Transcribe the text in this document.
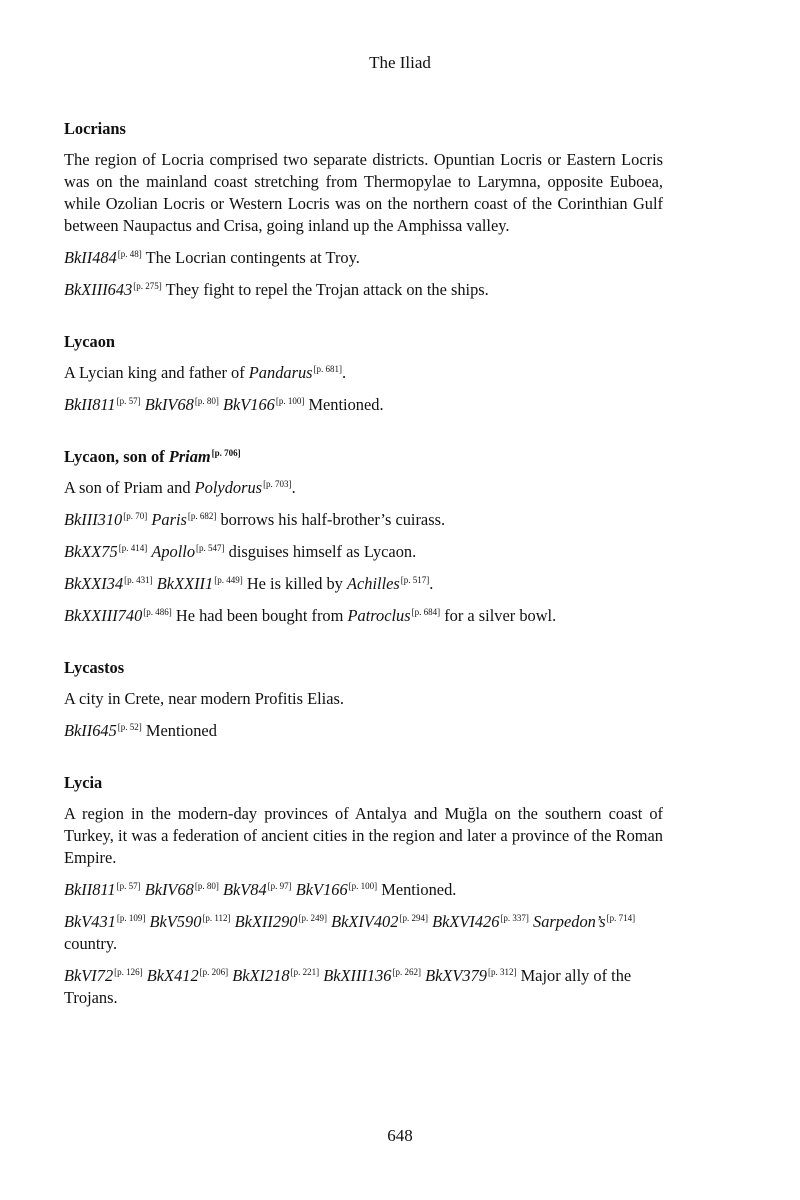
The Iliad
Locrians

The region of Locria comprised two separate districts. Opuntian Locris or Eastern Locris was on the mainland coast stretching from Thermopylae to Larymna, opposite Euboea, while Ozolian Locris or Western Locris was on the northern coast of the Corinthian Gulf between Naupactus and Crisa, going inland up the Amphissa valley.

BkII484[p. 48] The Locrian contingents at Troy.

BkXIII643[p. 275] They fight to repel the Trojan attack on the ships.

Lycaon

A Lycian king and father of Pandarus[p. 681].

BkII811[p. 57] BkIV68[p. 80] BkV166[p. 100] Mentioned.

Lycaon, son of Priam[p. 706]

A son of Priam and Polydorus[p. 703].

BkIII310[p. 70] Paris[p. 682] borrows his half-brother’s cuirass.

BkXX75[p. 414] Apollo[p. 547] disguises himself as Lycaon.

BkXXI34[p. 431] BkXXII1[p. 449] He is killed by Achilles[p. 517].

BkXXIII740[p. 486] He had been bought from Patroclus[p. 684] for a silver bowl.

Lycastos

A city in Crete, near modern Profitis Elias.

BkII645[p. 52] Mentioned

Lycia

A region in the modern-day provinces of Antalya and Muğla on the southern coast of Turkey, it was a federation of ancient cities in the region and later a province of the Roman Empire.

BkII811[p. 57] BkIV68[p. 80] BkV84[p. 97] BkV166[p. 100] Mentioned.

BkV431[p. 109] BkV590[p. 112] BkXII290[p. 249] BkXIV402[p. 294] BkXVI426[p. 337] Sarpedon’s[p. 714] country.

BkVI72[p. 126] BkX412[p. 206] BkXI218[p. 221] BkXIII136[p. 262] BkXV379[p. 312] Major ally of the Trojans.

648
